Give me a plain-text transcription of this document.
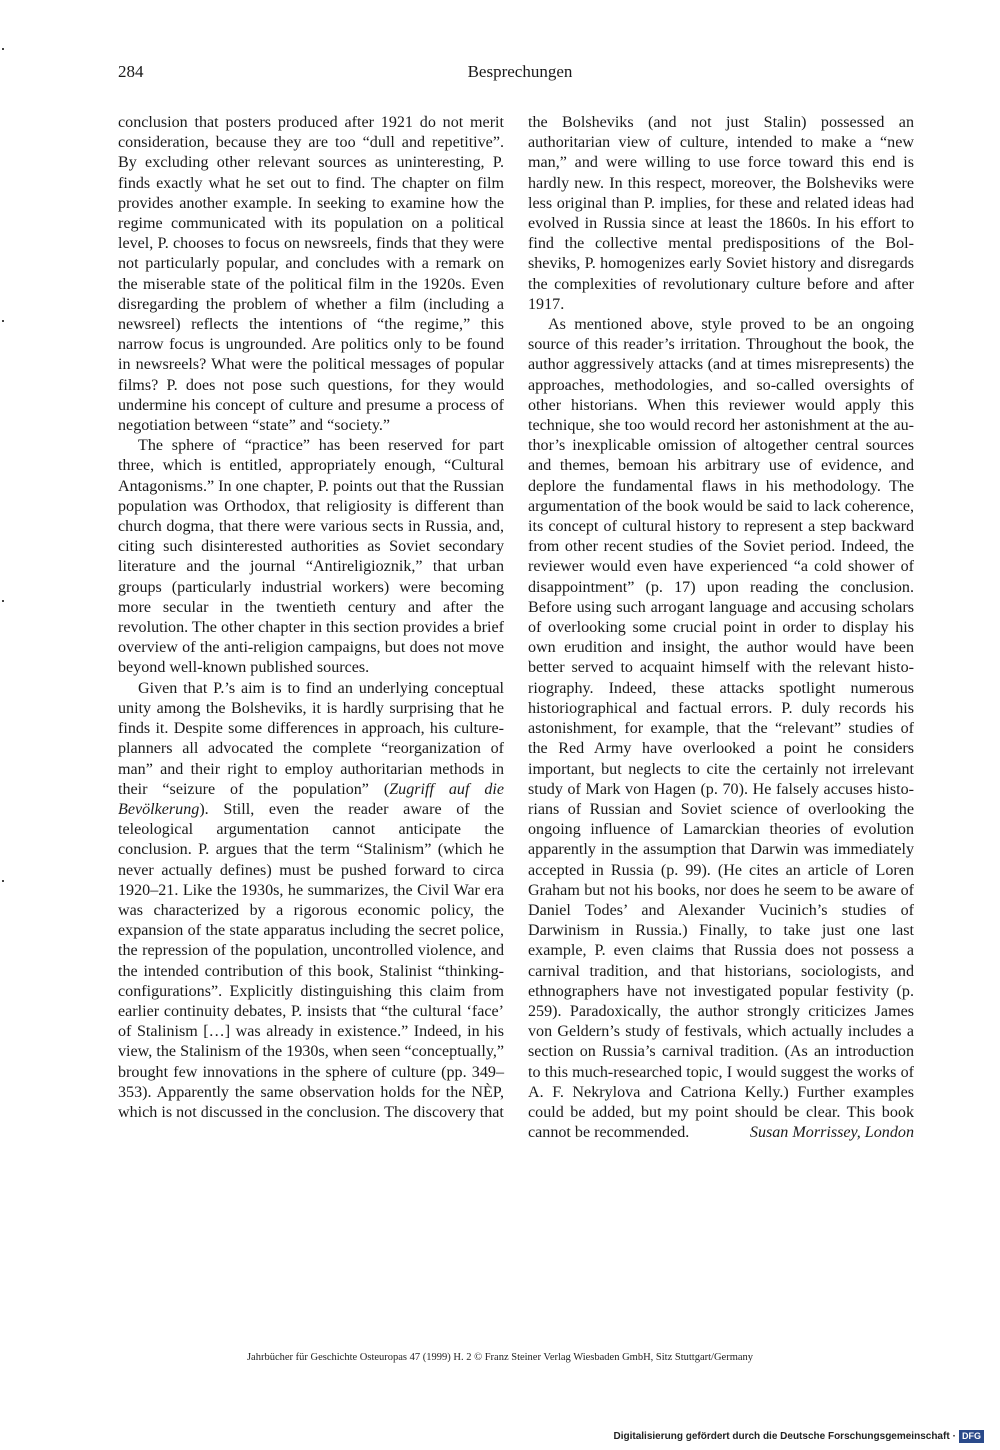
284	Besprechungen

conclusion that posters produced after 1921 do not merit consideration, because they are too “dull and repetitive”. By excluding other relevant sources as uninteresting, P. finds exactly what he set out to find. The chapter on film provides another example. In seeking to examine how the regime communicated with its population on a political level, P. chooses to focus on newsreels, finds that they were not particularly popular, and concludes with a remark on the miserable state of the political film in the 1920s. Even disregarding the problem of whether a film (including a newsreel) reflects the intentions of “the regime,” this narrow focus is ungrounded. Are politics only to be found in newsreels? What were the political messages of popular films? P. does not pose such questions, for they would undermine his concept of culture and presume a process of negotiation between “state” and “society.”

The sphere of “practice” has been reserved for part three, which is entitled, appropriately enough, “Cultural Antagonisms.” In one chapter, P. points out that the Russian population was Orthodox, that religiosity is different than church dogma, that there were various sects in Russia, and, citing such disinterested authorities as Soviet secondary literature and the journal “Antireligioznik,” that urban groups (particularly industrial workers) were becoming more secular in the twentieth century and after the revolution. The other chapter in this section provides a brief overview of the anti-religion campaigns, but does not move beyond well-known published sources.

Given that P.’s aim is to find an underlying conceptual unity among the Bolsheviks, it is hardly surprising that he finds it. Despite some differences in approach, his culture-planners all advocated the complete “reorganization of man” and their right to employ authoritarian methods in their “seizure of the population” (Zugriff auf die Bevölkerung). Still, even the reader aware of the teleological argumentation cannot anticipate the conclusion. P. argues that the term “Stalinism” (which he never actually defines) must be pushed forward to circa 1920–21. Like the 1930s, he summarizes, the Civil War era was characterized by a rigorous economic policy, the expansion of the state apparatus including the secret police, the repression of the population, uncontrolled violence, and the intended contribution of this book, Stalinist “thinking-configurations”. Explicitly distinguishing this claim from earlier continuity debates, P. insists that “the cultural ‘face’ of Stalinism […] was already in existence.” Indeed, in his view, the Stalinism of the 1930s, when seen “conceptually,” brought few innovations in the sphere of culture (pp. 349–353). Apparently the same observation holds for the NÈP, which is not discussed in the conclusion. The discovery that

the Bolsheviks (and not just Stalin) possessed an authoritarian view of culture, intended to make a “new man,” and were willing to use force toward this end is hardly new. In this respect, moreover, the Bolsheviks were less original than P. implies, for these and related ideas had evolved in Russia since at least the 1860s. In his effort to find the collective mental predispositions of the Bolsheviks, P. homogenizes early Soviet history and disregards the complexities of revolutionary culture before and after 1917.

As mentioned above, style proved to be an ongoing source of this reader’s irritation. Throughout the book, the author aggressively attacks (and at times misrepresents) the approaches, methodologies, and so-called oversights of other historians. When this reviewer would apply this technique, she too would record her astonishment at the author’s inexplicable omission of altogether central sources and themes, bemoan his arbitrary use of evidence, and deplore the fundamental flaws in his methodology. The argumentation of the book would be said to lack coherence, its concept of cultural history to represent a step backward from other recent studies of the Soviet period. Indeed, the reviewer would even have experienced “a cold shower of disappointment” (p. 17) upon reading the conclusion. Before using such arrogant language and accusing scholars of overlooking some crucial point in order to display his own erudition and insight, the author would have been better served to acquaint himself with the relevant historiography. Indeed, these attacks spotlight numerous historiographical and factual errors. P. duly records his astonishment, for example, that the “relevant” studies of the Red Army have overlooked a point he considers important, but neglects to cite the certainly not irrelevant study of Mark von Hagen (p. 70). He falsely accuses historians of Russian and Soviet science of overlooking the ongoing influence of Lamarckian theories of evolution apparently in the assumption that Darwin was immediately accepted in Russia (p. 99). (He cites an article of Loren Graham but not his books, nor does he seem to be aware of Daniel Todes’ and Alexander Vucinich’s studies of Darwinism in Russia.) Finally, to take just one last example, P. even claims that Russia does not possess a carnival tradition, and that historians, sociologists, and ethnographers have not investigated popular festivity (p. 259). Paradoxically, the author strongly criticizes James von Geldern’s study of festivals, which actually includes a section on Russia’s carnival tradition. (As an introduction to this much-researched topic, I would suggest the works of A. F. Nekrylova and Catriona Kelly.) Further examples could be added, but my point should be clear. This book cannot be recommended.	Susan Morrissey, London

Jahrbücher für Geschichte Osteuropas 47 (1999) H. 2 © Franz Steiner Verlag Wiesbaden GmbH, Sitz Stuttgart/Germany
Digitalisierung gefördert durch die Deutsche Forschungsgemeinschaft · DFG
